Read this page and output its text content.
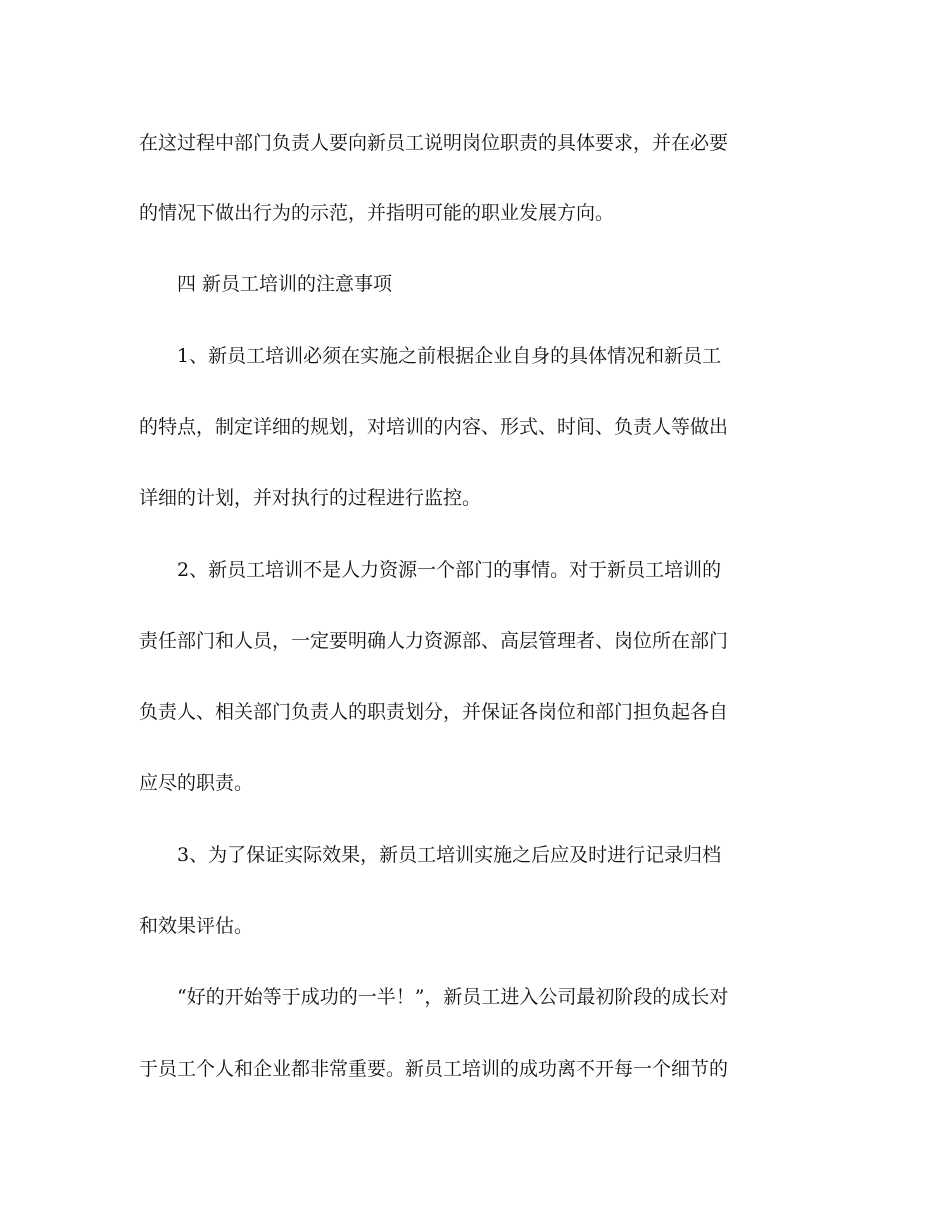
在这过程中部门负责人要向新员工说明岗位职责的具体要求，并在必要
的情况下做出行为的示范，并指明可能的职业发展方向。
四 新员工培训的注意事项
1、新员工培训必须在实施之前根据企业自身的具体情况和新员工
的特点，制定详细的规划，对培训的内容、形式、时间、负责人等做出
详细的计划，并对执行的过程进行监控。
2、新员工培训不是人力资源一个部门的事情。对于新员工培训的
责任部门和人员，一定要明确人力资源部、高层管理者、岗位所在部门
负责人、相关部门负责人的职责划分，并保证各岗位和部门担负起各自
应尽的职责。
3、为了保证实际效果，新员工培训实施之后应及时进行记录归档
和效果评估。
“好的开始等于成功的一半！”，新员工进入公司最初阶段的成长对
于员工个人和企业都非常重要。新员工培训的成功离不开每一个细节的
